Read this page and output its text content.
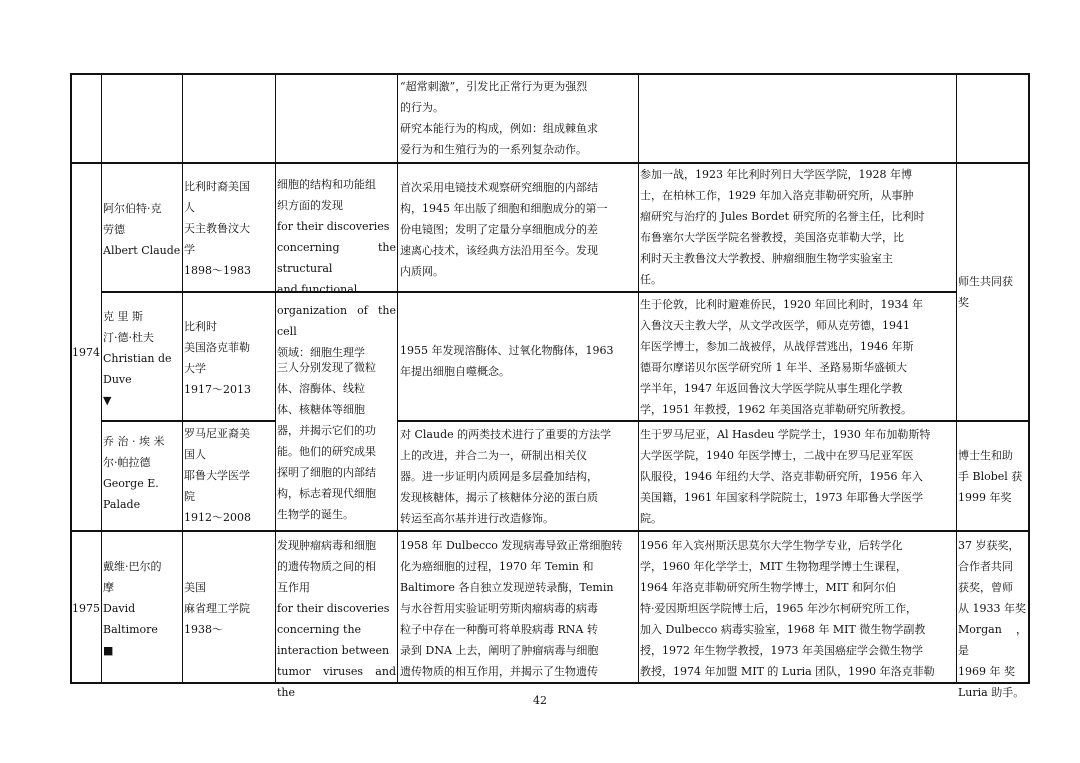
“超常刺激”，引发比正常行为更为强烈
的行为。
研究本能行为的构成，例如：组成棘鱼求
爱行为和生殖行为的一系列复杂动作。
1974
细胞的结构和功能组
织方面的发现
for their discoveries
concerning the structural
and functional
organization of the cell
领域：细胞生理学
三人分别发现了微粒
体、溶酶体、线粒
体、核糖体等细胞
器，并揭示它们的功
能。他们的研究成果
探明了细胞的内部结
构，标志着现代细胞
生物学的诞生。
师生共同获
奖
阿尔伯特·克
劳德
Albert Claude
比利时裔美国
人
天主教鲁汶大
学
1898～1983
首次采用电镜技术观察研究细胞的内部结
构，1945 年出版了细胞和细胞成分的第一
份电镜图；发明了定量分享细胞成分的差
速离心技术，该经典方法沿用至今。发现
内质网。
参加一战，1923 年比利时列日大学医学院，1928 年博
士，在柏林工作，1929 年加入洛克菲勒研究所，从事肿
瘤研究与治疗的 Jules Bordet 研究所的名誉主任，比利时
布鲁塞尔大学医学院名誉教授，美国洛克菲勒大学，比
利时天主教鲁汶大学教授、肿瘤细胞生物学实验室主
任。
克 里 斯
汀·德·杜夫
Christian de
Duve
▼
比利时
美国洛克菲勒
大学
1917～2013
1955 年发现溶酶体、过氧化物酶体，1963
年提出细胞自噬概念。
生于伦敦，比利时避难侨民，1920 年回比利时，1934 年
入鲁汶天主教大学，从文学改医学，师从克劳德，1941
年医学博士，参加二战被俘，从战俘营逃出，1946 年斯
德哥尔摩诺贝尔医学研究所 1 年半、圣路易斯华盛顿大
学半年，1947 年返回鲁汶大学医学院从事生理化学教
学，1951 年教授，1962 年美国洛克菲勒研究所教授。
乔 治 · 埃 米
尔·帕拉德
George E.
Palade
罗马尼亚裔美
国人
耶鲁大学医学
院
1912～2008
对 Claude 的两类技术进行了重要的方法学
上的改进，并合二为一，研制出相关仪
器。进一步证明内质网是多层叠加结构，
发现核糖体，揭示了核糖体分泌的蛋白质
转运至高尔基并进行改造修饰。
生于罗马尼亚，Al Hasdeu 学院学士，1930 年布加勒斯特
大学医学院，1940 年医学博士，二战中在罗马尼亚军医
队服役，1946 年纽约大学、洛克菲勒研究所，1956 年入
美国籍，1961 年国家科学院院士，1973 年耶鲁大学医学
院。
博士生和助
手 Blobel 获
1999 年奖
1975
戴维·巴尔的
摩
David
Baltimore
■
美国
麻省理工学院
1938～
发现肿瘤病毒和细胞
的遗传物质之间的相
互作用
for their discoveries
concerning the
interaction between
tumor viruses and the
1958 年 Dulbecco 发现病毒导致正常细胞转
化为癌细胞的过程，1970 年 Temin 和
Baltimore 各自独立发现逆转录酶，Temin
与水谷哲用实验证明劳斯肉瘤病毒的病毒
粒子中存在一种酶可将单股病毒 RNA 转
录到 DNA 上去，阐明了肿瘤病毒与细胞
遗传物质的相互作用，并揭示了生物遗传
1956 年入宾州斯沃思莫尔大学生物学专业，后转学化
学，1960 年化学学士，MIT 生物物理学博士生课程，
1964 年洛克菲勒研究所生物学博士，MIT 和阿尔伯
特·爱因斯坦医学院博士后，1965 年沙尔柯研究所工作，
加入 Dulbecco 病毒实验室，1968 年 MIT 微生物学副教
授，1972 年生物学教授，1973 年美国癌症学会微生物学
教授，1974 年加盟 MIT 的 Luria 团队，1990 年洛克菲勒
37 岁获奖，
合作者共同
获奖，曾师
从 1933 年奖
Morgan ， 是
1969 年 奖
Luria 助手。
42
